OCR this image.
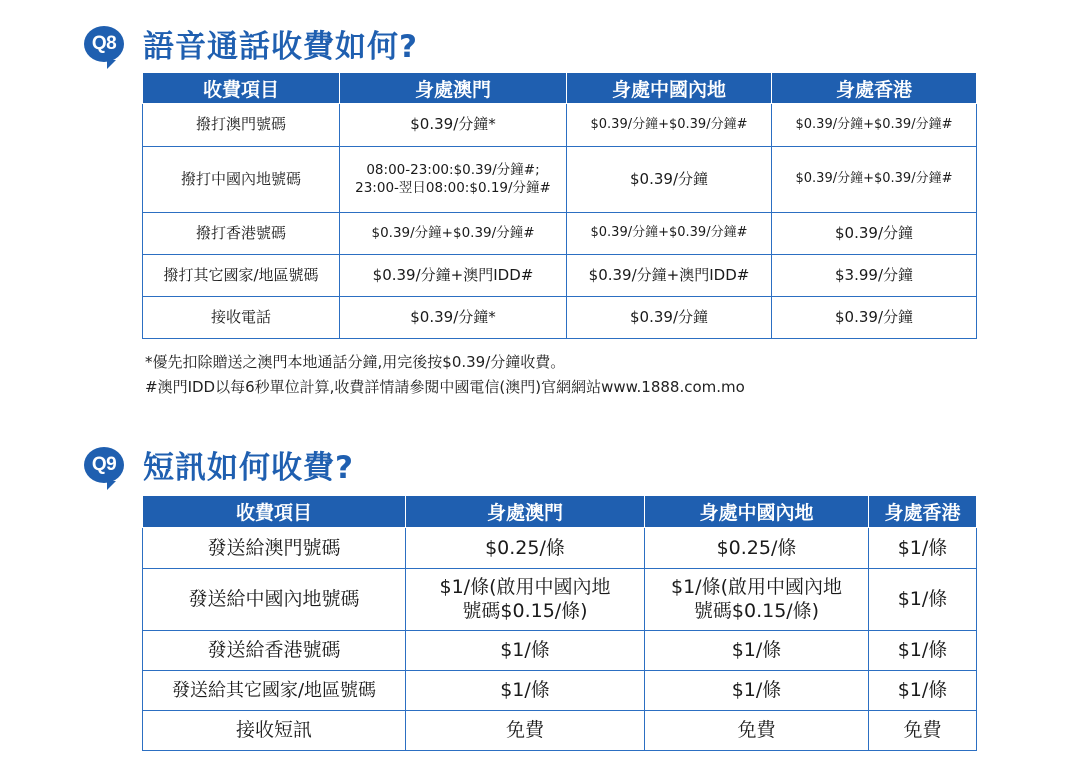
Q8 語音通話收費如何?
收費項目	身處澳門	身處中國內地	身處香港
撥打澳門號碼	$0.39/分鐘*	$0.39/分鐘+$0.39/分鐘#	$0.39/分鐘+$0.39/分鐘#
撥打中國內地號碼	08:00-23:00:$0.39/分鐘#;
23:00-翌日08:00:$0.19/分鐘#	$0.39/分鐘	$0.39/分鐘+$0.39/分鐘#
撥打香港號碼	$0.39/分鐘+$0.39/分鐘#	$0.39/分鐘+$0.39/分鐘#	$0.39/分鐘
撥打其它國家/地區號碼	$0.39/分鐘+澳門IDD#	$0.39/分鐘+澳門IDD#	$3.99/分鐘
接收電話	$0.39/分鐘*	$0.39/分鐘	$0.39/分鐘
*優先扣除贈送之澳門本地通話分鐘,用完後按$0.39/分鐘收費。
#澳門IDD以每6秒單位計算,收費詳情請參閱中國電信(澳門)官網網站www.1888.com.mo
Q9 短訊如何收費?
收費項目	身處澳門	身處中國內地	身處香港
發送給澳門號碼	$0.25/條	$0.25/條	$1/條
發送給中國內地號碼	$1/條(啟用中國內地
號碼$0.15/條)	$1/條(啟用中國內地
號碼$0.15/條)	$1/條
發送給香港號碼	$1/條	$1/條	$1/條
發送給其它國家/地區號碼	$1/條	$1/條	$1/條
接收短訊	免費	免費	免費
